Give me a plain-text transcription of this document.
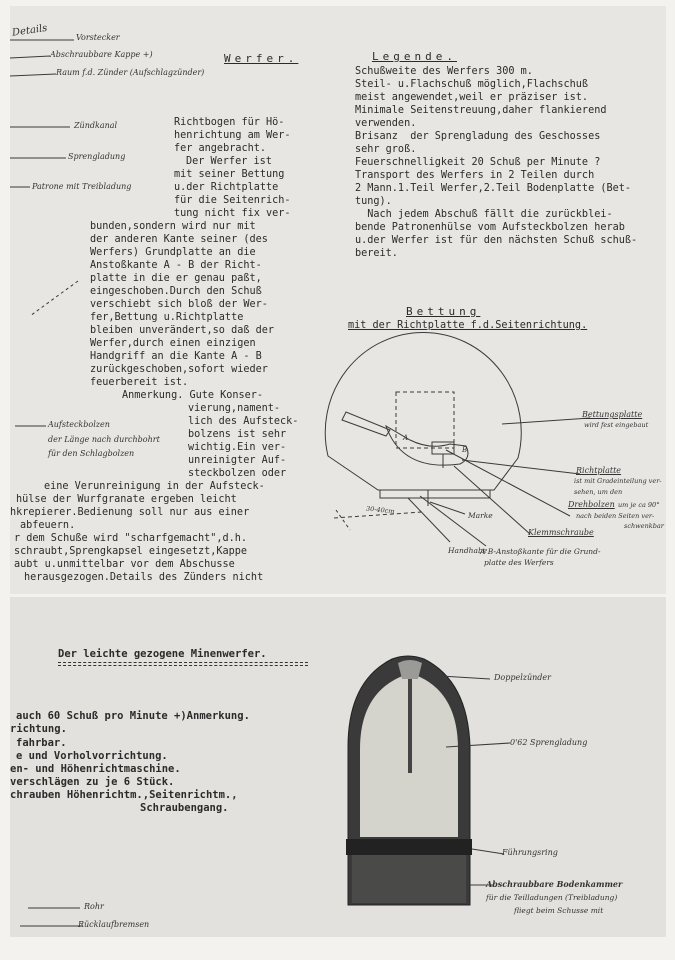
Details	Vorstecker
Abschraubbare Kappe +)
Raum f.d. Zünder (Aufschlagzünder)
Zündkanal
Sprengladung
Patrone mit Treibladung
Aufsteckbolzen
der Länge nach durchbohrt
für den Schlagbolzen
Werfer.
Richtbogen für Hö-
henrichtung am Wer-
fer angebracht.
Der Werfer ist
mit seiner Bettung
u.der Richtplatte
für die Seitenrich-
tung nicht fix ver-
bunden,sondern wird nur mit
der anderen Kante seiner (des
Werfers) Grundplatte an die
Anstoßkante A - B der Richt-
platte in die er genau paßt,
eingeschoben.Durch den Schuß
verschiebt sich bloß der Wer-
fer,Bettung u.Richtplatte
bleiben unverändert,so daß der
Werfer,durch einen einzigen
Handgriff an die Kante A - B
zurückgeschoben,sofort wieder
feuerbereit ist.
Anmerkung. Gute Konser-
vierung,nament-
lich des Aufsteck-
bolzens ist sehr
wichtig.Ein ver-
unreinigter Auf-
steckbolzen oder
eine Verunreinigung in der Aufsteck-
hülse der Wurfgranate ergeben leicht
hkrepierer.Bedienung soll nur aus einer
abfeuern.
r dem Schuße wird "scharfgemacht",d.h.
schraubt,Sprengkapsel eingesetzt,Kappe
aubt u.unmittelbar vor dem Abschusse
herausgezogen.Details des Zünders nicht
Legende.
Schußweite des Werfers 300 m.
Steil- u.Flachschuß möglich,Flachschuß
meist angewendet,weil er präziser ist.
Minimale Seitenstreuung,daher flankierend
verwenden.
Brisanz  der Sprengladung des Geschosses
sehr groß.
Feuerschnelligkeit 20 Schuß per Minute ?
Transport des Werfers in 2 Teilen durch
2 Mann.1.Teil Werfer,2.Teil Bodenplatte (Bet-
tung).
Nach jedem Abschuß fällt die zurückblei-
bende Patronenhülse vom Aufsteckbolzen herab
u.der Werfer ist für den nächsten Schuß schuß-
bereit.
Bettung
mit der Richtplatte f.d.Seitenrichtung.
A
B
Bettungsplatte
wird fest eingebaut
Richtplatte
ist mit Gradeinteilung ver-
sehen, um den
Drehbolzen um je ca 90°
nach beiden Seiten ver-
schwenkbar
Klemmschraube
A B-Anstoßkante für die Grund-
platte des Werfers
Handhabe
Marke
30-40cm
Der leichte gezogene Minenwerfer.
auch 60 Schuß pro Minute +)Anmerkung.
richtung.
fahrbar.
e und Vorholvorrichtung.
en- und Höhenrichtmaschine.
verschlägen zu je 6 Stück.
chrauben Höhenrichtm.,Seitenrichtm.,
Schraubengang.
Doppelzünder
0'62 Sprengladung
Führungsring
Abschraubbare Bodenkammer
für die Teilladungen (Treibladung)
fliegt beim Schusse mit
Rohr
Rücklaufbremsen
